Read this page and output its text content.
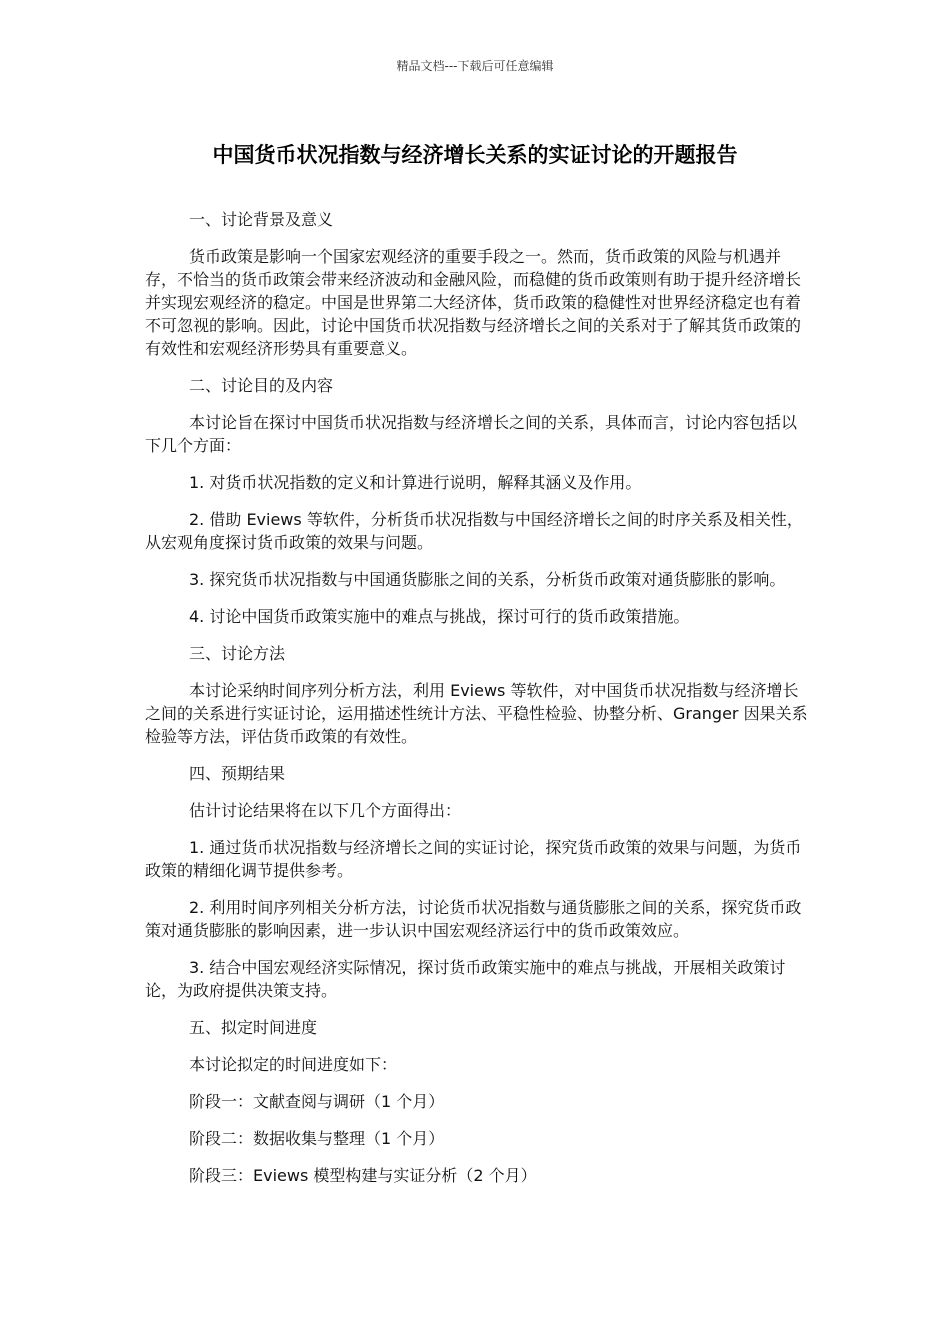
精品文档---下载后可任意编辑
中国货币状况指数与经济增长关系的实证讨论的开题报告

一、讨论背景及意义

货币政策是影响一个国家宏观经济的重要手段之一。然而，货币政策的风险与机遇并存，不恰当的货币政策会带来经济波动和金融风险，而稳健的货币政策则有助于提升经济增长并实现宏观经济的稳定。中国是世界第二大经济体，货币政策的稳健性对世界经济稳定也有着不可忽视的影响。因此，讨论中国货币状况指数与经济增长之间的关系对于了解其货币政策的有效性和宏观经济形势具有重要意义。

二、讨论目的及内容

本讨论旨在探讨中国货币状况指数与经济增长之间的关系，具体而言，讨论内容包括以下几个方面：

1. 对货币状况指数的定义和计算进行说明，解释其涵义及作用。

2. 借助 Eviews 等软件，分析货币状况指数与中国经济增长之间的时序关系及相关性，从宏观角度探讨货币政策的效果与问题。

3. 探究货币状况指数与中国通货膨胀之间的关系，分析货币政策对通货膨胀的影响。

4. 讨论中国货币政策实施中的难点与挑战，探讨可行的货币政策措施。

三、讨论方法

本讨论采纳时间序列分析方法，利用 Eviews 等软件，对中国货币状况指数与经济增长之间的关系进行实证讨论，运用描述性统计方法、平稳性检验、协整分析、Granger 因果关系检验等方法，评估货币政策的有效性。

四、预期结果

估计讨论结果将在以下几个方面得出：

1. 通过货币状况指数与经济增长之间的实证讨论，探究货币政策的效果与问题，为货币政策的精细化调节提供参考。

2. 利用时间序列相关分析方法，讨论货币状况指数与通货膨胀之间的关系，探究货币政策对通货膨胀的影响因素，进一步认识中国宏观经济运行中的货币政策效应。

3. 结合中国宏观经济实际情况，探讨货币政策实施中的难点与挑战，开展相关政策讨论，为政府提供决策支持。

五、拟定时间进度

本讨论拟定的时间进度如下：

阶段一：文献查阅与调研（1 个月）

阶段二：数据收集与整理（1 个月）

阶段三：Eviews 模型构建与实证分析（2 个月）
